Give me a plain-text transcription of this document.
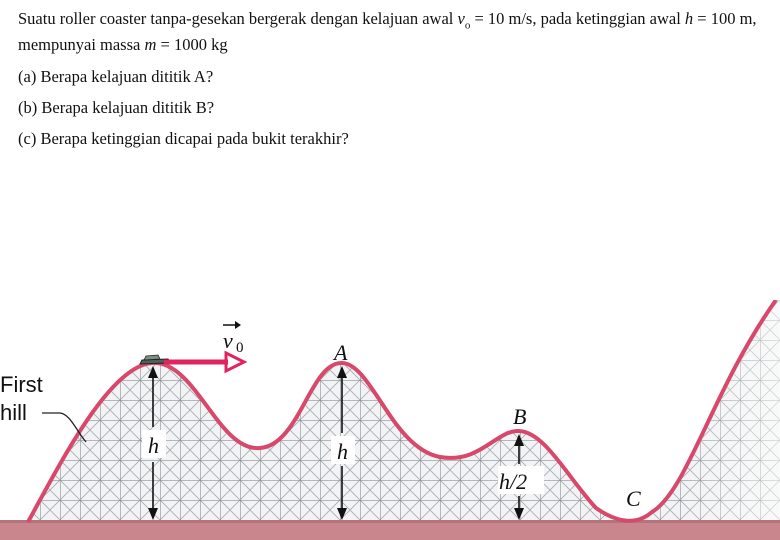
Suatu roller coaster tanpa-gesekan bergerak dengan kelajuan awal $v_o = 10$ m/s, pada ketinggian awal h = 100 m, mempunyai massa m = 1000 kg

(a) Berapa kelajuan dititik A?

(b) Berapa kelajuan dititik B?

(c) Berapa ketinggian dicapai pada bukit terakhir?

v 0
First
hill
h
A
h
B
h/2
C
